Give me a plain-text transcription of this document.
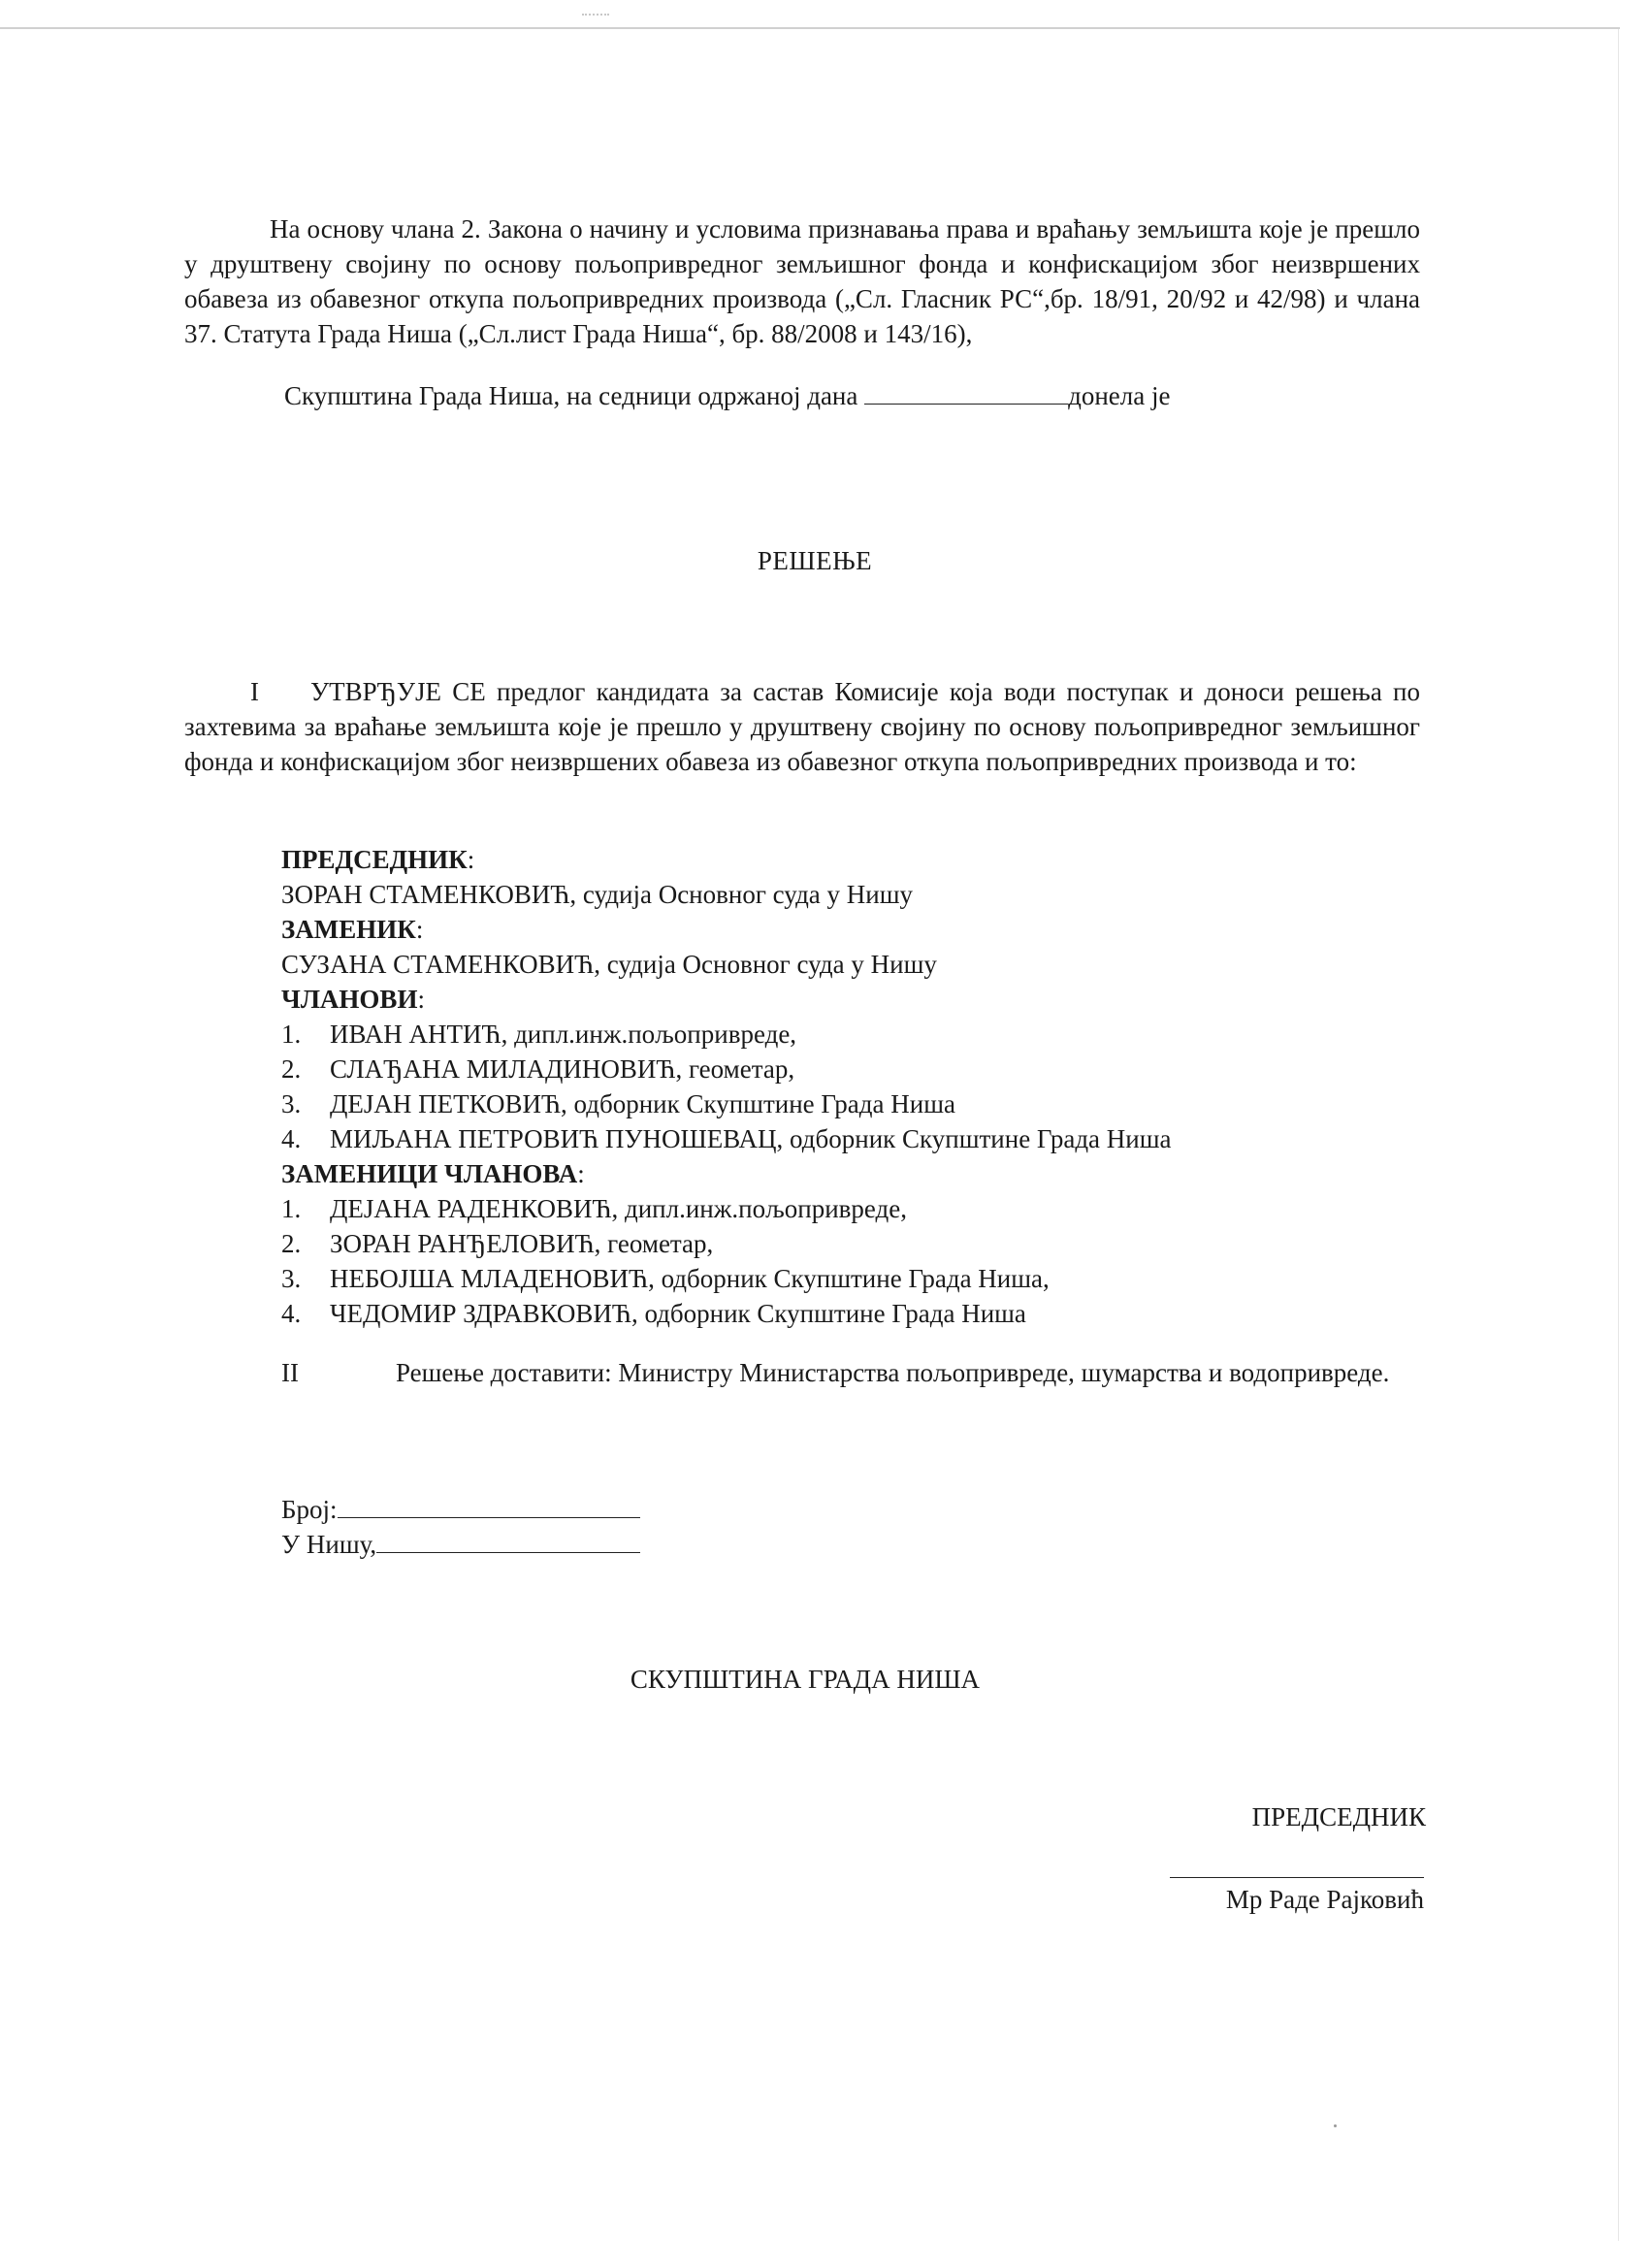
На основу члана 2. Закона о начину и условима признавања права и враћању земљишта које је прешло у друштвену својину по основу пољопривредног земљишног фонда и конфискацијом због неизвршених обавеза из обавезног откупа пољопривредних производа („Сл. Гласник РС“,бр. 18/91, 20/92 и 42/98) и члана 37. Статута Града Ниша („Сл.лист Града Ниша“, бр. 88/2008 и 143/16),

Скупштина Града Ниша, на седници одржаној дана	донела је
РЕШЕЊЕ
I УТВРЂУЈЕ СЕ предлог кандидата за састав Комисије која води поступак и доноси решења по захтевима за враћање земљишта које је прешло у друштвену својину по основу пољопривредног земљишног фонда и конфискацијом због неизвршених обавеза из обавезног откупа пољопривредних производа и то:
ПРЕДСЕДНИК:
ЗОРАН СТАМЕНКОВИЋ, судија Основног суда у Нишу
ЗАМЕНИК:
СУЗАНА СТАМЕНКОВИЋ, судија Основног суда у Нишу
ЧЛАНОВИ:
1. ИВАН АНТИЋ, дипл.инж.пољопривреде,
2. СЛАЂАНА МИЛАДИНОВИЋ, геометар,
3. ДЕЈАН ПЕТКОВИЋ, одборник Скупштине Града Ниша
4. МИЉАНА ПЕТРОВИЋ ПУНОШЕВАЦ, одборник Скупштине Града Ниша
ЗАМЕНИЦИ ЧЛАНОВА:
1. ДЕЈАНА РАДЕНКОВИЋ, дипл.инж.пољопривреде,
2. ЗОРАН РАНЂЕЛОВИЋ, геометар,
3. НЕБОЈША МЛАДЕНОВИЋ, одборник Скупштине Града Ниша,
4. ЧЕДОМИР ЗДРАВКОВИЋ, одборник Скупштине Града Ниша
II	Решење доставити: Министру Министарства пољопривреде, шумарства и водопривреде.
Број:
У Нишу,
СКУПШТИНА ГРАДА НИША
ПРЕДСЕДНИК
Мр Раде Рајковић
